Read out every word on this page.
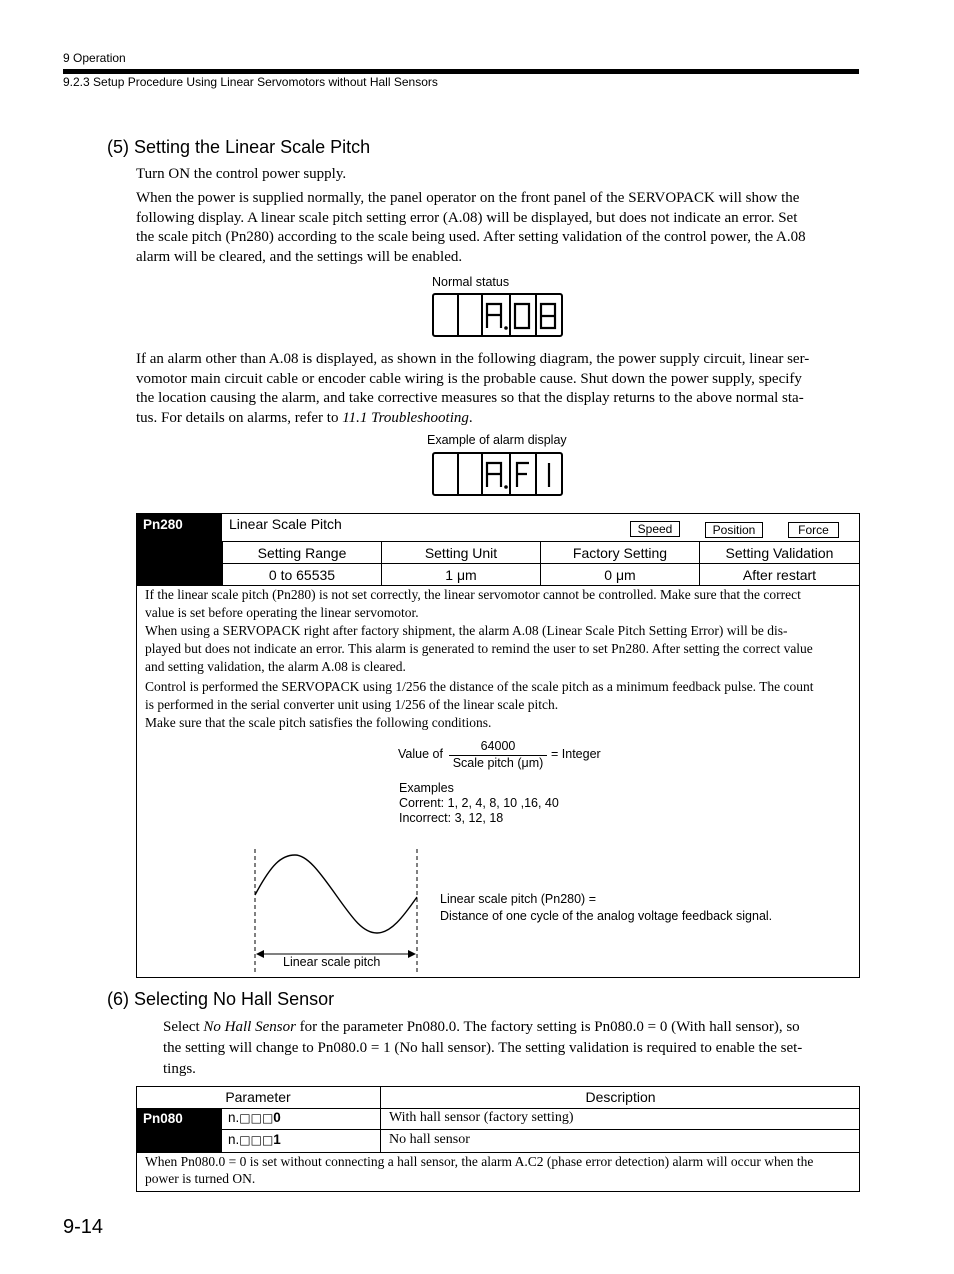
9 Operation
9.2.3 Setup Procedure Using Linear Servomotors without Hall Sensors
(5) Setting the Linear Scale Pitch
Turn ON the control power supply.
When the power is supplied normally, the panel operator on the front panel of the SERVOPACK will show the
following display. A linear scale pitch setting error (A.08) will be displayed, but does not indicate an error. Set
the scale pitch (Pn280) according to the scale being used. After setting validation of the control power, the A.08
alarm will be cleared, and the settings will be enabled.
Normal status
If an alarm other than A.08 is displayed, as shown in the following diagram, the power supply circuit, linear ser-
vomotor main circuit cable or encoder cable wiring is the probable cause. Shut down the power supply, specify
the location causing the alarm, and take corrective measures so that the display returns to the above normal sta-
tus. For details on alarms, refer to 11.1 Troubleshooting.
Example of alarm display
Pn280	Linear Scale Pitch	Speed	Position	Force
Setting Range	Setting Unit	Factory Setting	Setting Validation
0 to 65535	1 μm	0 μm	After restart
If the linear scale pitch (Pn280) is not set correctly, the linear servomotor cannot be controlled. Make sure that the correct
value is set before operating the linear servomotor.
When using a SERVOPACK right after factory shipment, the alarm A.08 (Linear Scale Pitch Setting Error) will be dis-
played but does not indicate an error. This alarm is generated to remind the user to set Pn280. After setting the correct value
and setting validation, the alarm A.08 is cleared.
Control is performed the SERVOPACK using 1/256 the distance of the scale pitch as a minimum feedback pulse. The count
is performed in the serial converter unit using 1/256 of the linear scale pitch.
Make sure that the scale pitch satisfies the following conditions.
Value of
64000
Scale pitch (μm)
= Integer
Examples
Corrent: 1, 2, 4, 8, 10 ,16, 40
Incorrect: 3, 12, 18
Linear scale pitch
Linear scale pitch (Pn280) =
Distance of one cycle of the analog voltage feedback signal.
(6) Selecting No Hall Sensor
Select No Hall Sensor for the parameter Pn080.0. The factory setting is Pn080.0 = 0 (With hall sensor), so
the setting will change to Pn080.0 = 1 (No hall sensor). The setting validation is required to enable the set-
tings.
Parameter	Description
Pn080	n.□□□0	With hall sensor (factory setting)
n.□□□1	No hall sensor
When Pn080.0 = 0 is set without connecting a hall sensor, the alarm A.C2 (phase error detection) alarm will occur when the
power is turned ON.
9-14
